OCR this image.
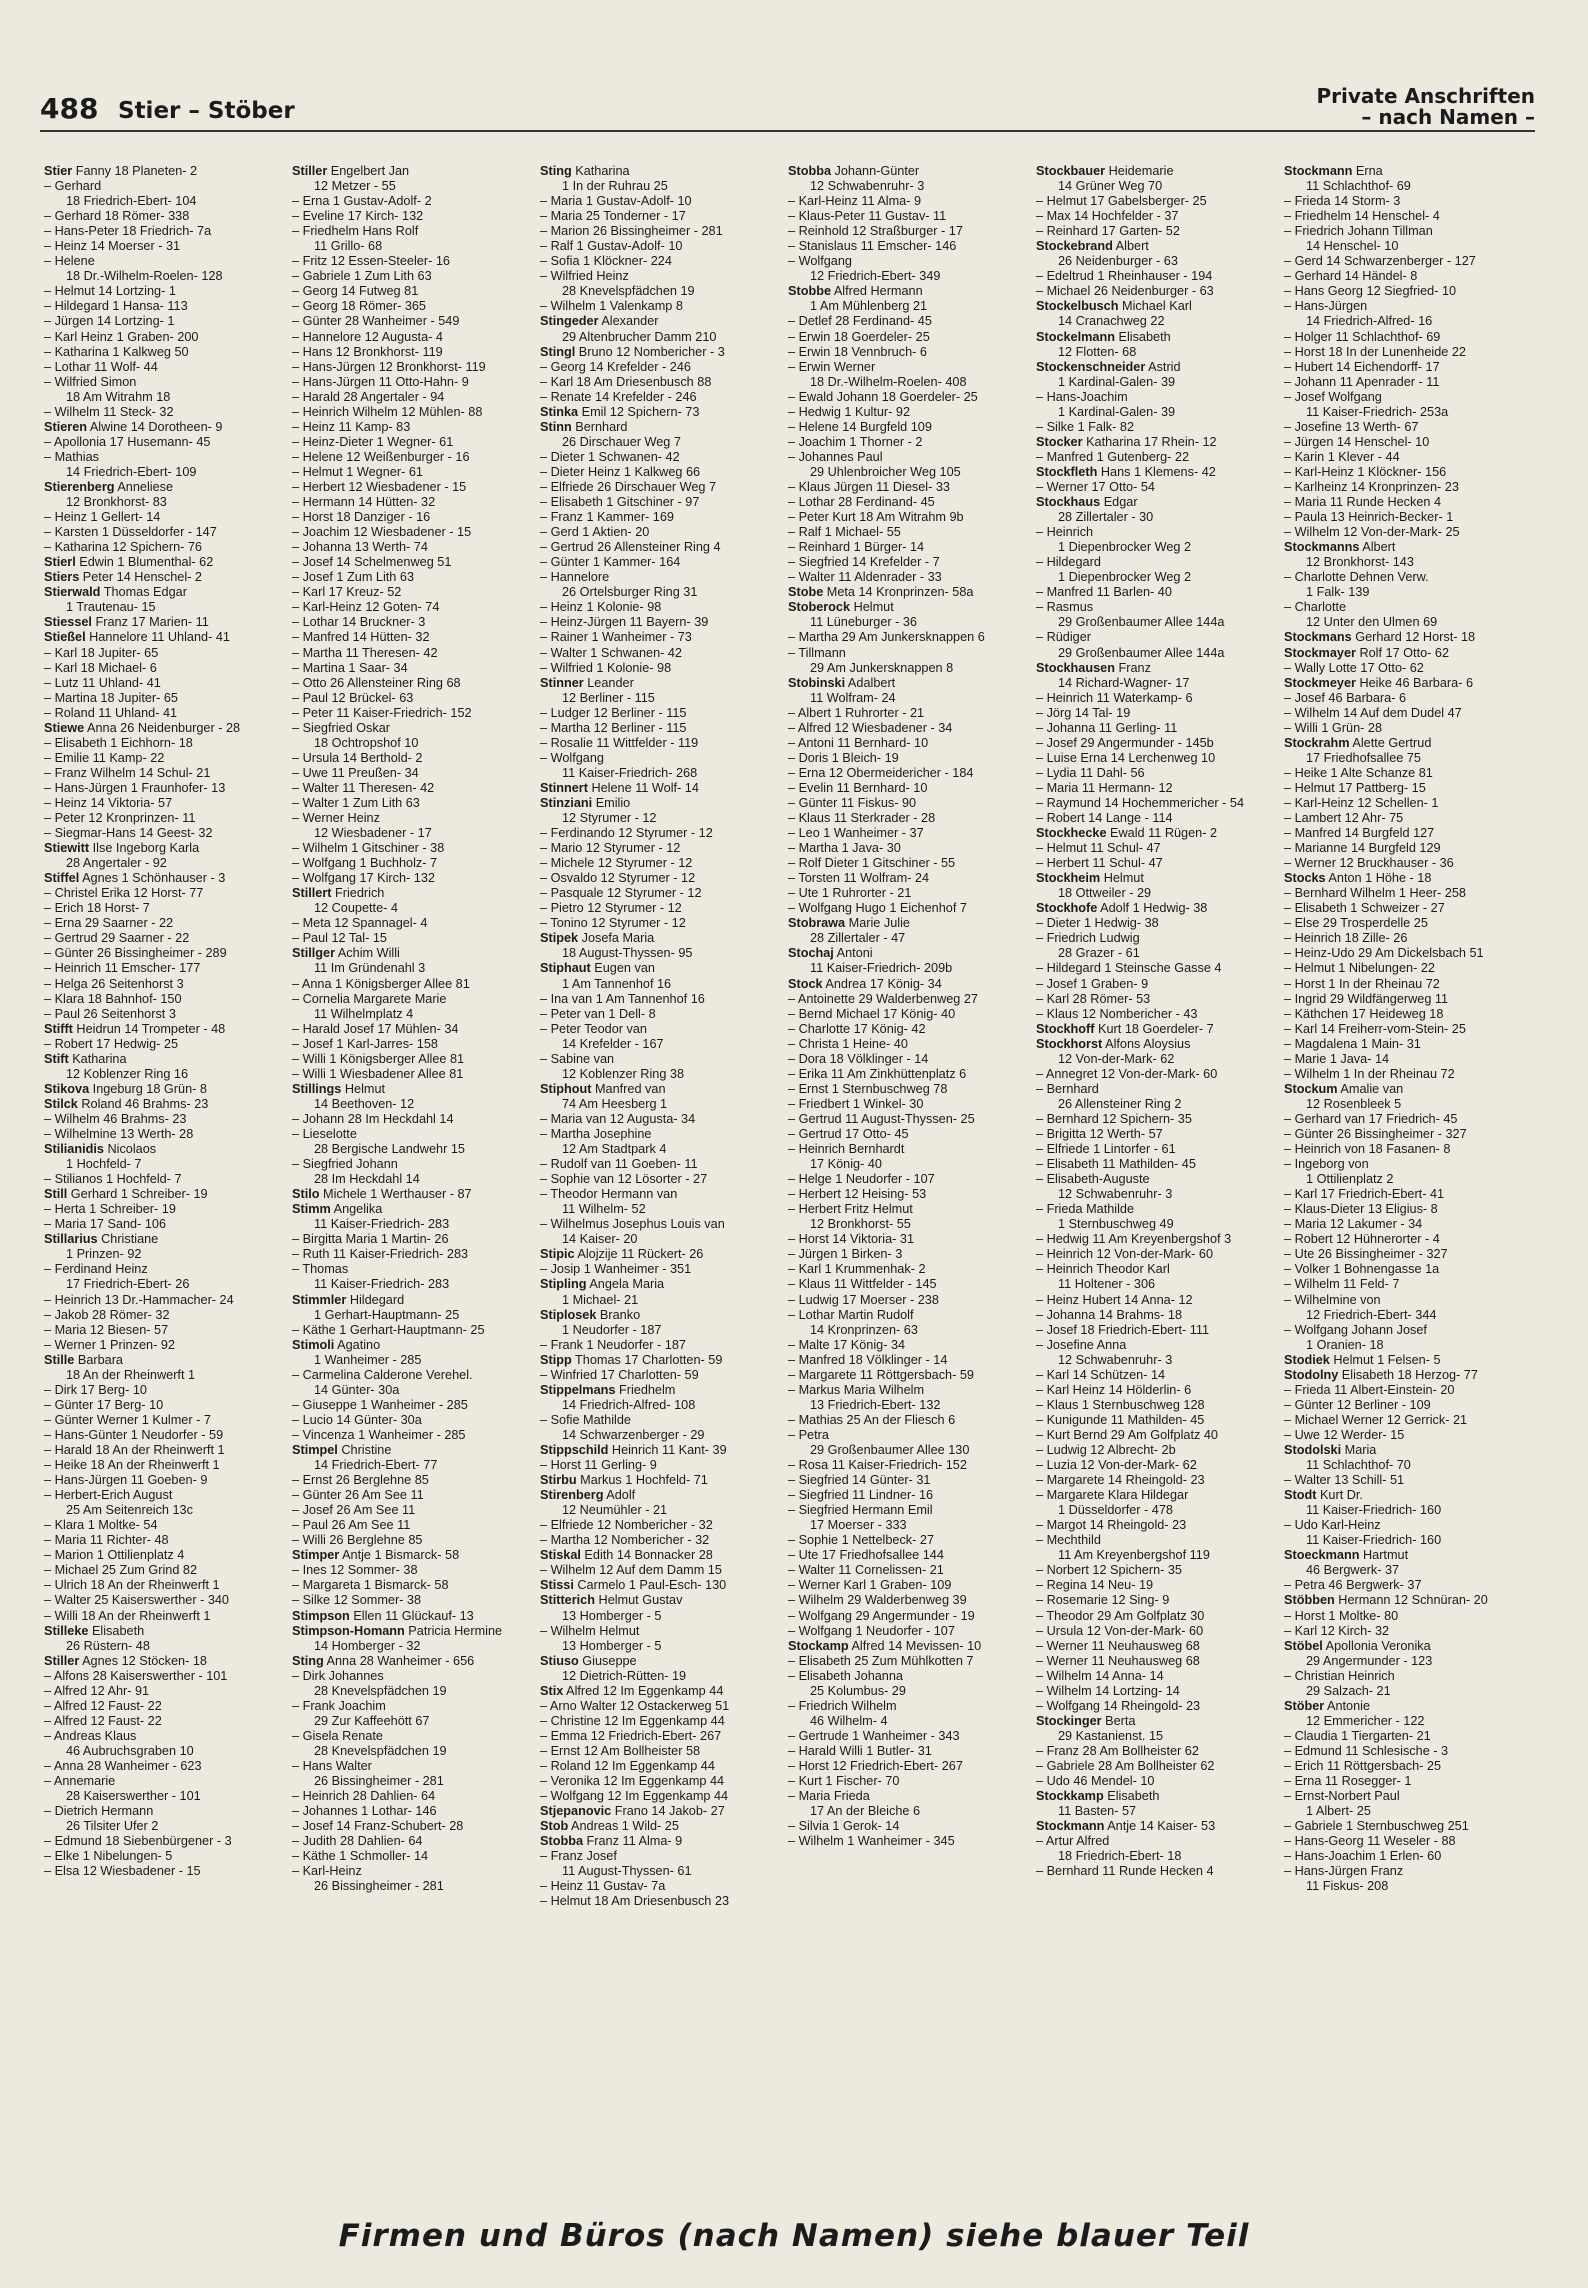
488 Stier – Stöber
Private Anschriften
– nach Namen –
Stier Fanny 18 Planeten- 2
– Gerhard
18 Friedrich-Ebert- 104
– Gerhard 18 Römer- 338
– Hans-Peter 18 Friedrich- 7a
– Heinz 14 Moerser - 31
– Helene
18 Dr.-Wilhelm-Roelen- 128
– Helmut 14 Lortzing- 1
– Hildegard 1 Hansa- 113
– Jürgen 14 Lortzing- 1
– Karl Heinz 1 Graben- 200
– Katharina 1 Kalkweg 50
– Lothar 11 Wolf- 44
– Wilfried Simon
18 Am Witrahm 18
– Wilhelm 11 Steck- 32
Stieren Alwine 14 Dorotheen- 9
– Apollonia 17 Husemann- 45
– Mathias
14 Friedrich-Ebert- 109
Stierenberg Anneliese
12 Bronkhorst- 83
– Heinz 1 Gellert- 14
– Karsten 1 Düsseldorfer - 147
– Katharina 12 Spichern- 76
Stierl Edwin 1 Blumenthal- 62
Stiers Peter 14 Henschel- 2
Stierwald Thomas Edgar
1 Trautenau- 15
Stiessel Franz 17 Marien- 11
Stießel Hannelore 11 Uhland- 41
– Karl 18 Jupiter- 65
– Karl 18 Michael- 6
– Lutz 11 Uhland- 41
– Martina 18 Jupiter- 65
– Roland 11 Uhland- 41
Stiewe Anna 26 Neidenburger - 28
– Elisabeth 1 Eichhorn- 18
– Emilie 11 Kamp- 22
– Franz Wilhelm 14 Schul- 21
– Hans-Jürgen 1 Fraunhofer- 13
– Heinz 14 Viktoria- 57
– Peter 12 Kronprinzen- 11
– Siegmar-Hans 14 Geest- 32
Stiewitt Ilse Ingeborg Karla
28 Angertaler - 92
Stiffel Agnes 1 Schönhauser - 3
– Christel Erika 12 Horst- 77
– Erich 18 Horst- 7
– Erna 29 Saarner - 22
– Gertrud 29 Saarner - 22
– Günter 26 Bissingheimer - 289
– Heinrich 11 Emscher- 177
– Helga 26 Seitenhorst 3
– Klara 18 Bahnhof- 150
– Paul 26 Seitenhorst 3
Stifft Heidrun 14 Trompeter - 48
– Robert 17 Hedwig- 25
Stift Katharina
12 Koblenzer Ring 16
Stikova Ingeburg 18 Grün- 8
Stilck Roland 46 Brahms- 23
– Wilhelm 46 Brahms- 23
– Wilhelmine 13 Werth- 28
Stilianidis Nicolaos
1 Hochfeld- 7
– Stilianos 1 Hochfeld- 7
Still Gerhard 1 Schreiber- 19
– Herta 1 Schreiber- 19
– Maria 17 Sand- 106
Stillarius Christiane
1 Prinzen- 92
– Ferdinand Heinz
17 Friedrich-Ebert- 26
– Heinrich 13 Dr.-Hammacher- 24
– Jakob 28 Römer- 32
– Maria 12 Biesen- 57
– Werner 1 Prinzen- 92
Stille Barbara
18 An der Rheinwerft 1
– Dirk 17 Berg- 10
– Günter 17 Berg- 10
– Günter Werner 1 Kulmer - 7
– Hans-Günter 1 Neudorfer - 59
– Harald 18 An der Rheinwerft 1
– Heike 18 An der Rheinwerft 1
– Hans-Jürgen 11 Goeben- 9
– Herbert-Erich August
25 Am Seitenreich 13c
– Klara 1 Moltke- 54
– Maria 11 Richter- 48
– Marion 1 Ottilienplatz 4
– Michael 25 Zum Grind 82
– Ulrich 18 An der Rheinwerft 1
– Walter 25 Kaiserswerther - 340
– Willi 18 An der Rheinwerft 1
Stilleke Elisabeth
26 Rüstern- 48
Stiller Agnes 12 Stöcken- 18
– Alfons 28 Kaiserswerther - 101
– Alfred 12 Ahr- 91
– Alfred 12 Faust- 22
– Alfred 12 Faust- 22
– Andreas Klaus
46 Aubruchsgraben 10
– Anna 28 Wanheimer - 623
– Annemarie
28 Kaiserswerther - 101
– Dietrich Hermann
26 Tilsiter Ufer 2
– Edmund 18 Siebenbürgener - 3
– Elke 1 Nibelungen- 5
– Elsa 12 Wiesbadener - 15
Stiller Engelbert Jan
12 Metzer - 55
– Erna 1 Gustav-Adolf- 2
– Eveline 17 Kirch- 132
– Friedhelm Hans Rolf
11 Grillo- 68
– Fritz 12 Essen-Steeler- 16
– Gabriele 1 Zum Lith 63
– Georg 14 Futweg 81
– Georg 18 Römer- 365
– Günter 28 Wanheimer - 549
– Hannelore 12 Augusta- 4
– Hans 12 Bronkhorst- 119
– Hans-Jürgen 12 Bronkhorst- 119
– Hans-Jürgen 11 Otto-Hahn- 9
– Harald 28 Angertaler - 94
– Heinrich Wilhelm 12 Mühlen- 88
– Heinz 11 Kamp- 83
– Heinz-Dieter 1 Wegner- 61
– Helene 12 Weißenburger - 16
– Helmut 1 Wegner- 61
– Herbert 12 Wiesbadener - 15
– Hermann 14 Hütten- 32
– Horst 18 Danziger - 16
– Joachim 12 Wiesbadener - 15
– Johanna 13 Werth- 74
– Josef 14 Schelmenweg 51
– Josef 1 Zum Lith 63
– Karl 17 Kreuz- 52
– Karl-Heinz 12 Goten- 74
– Lothar 14 Bruckner- 3
– Manfred 14 Hütten- 32
– Martha 11 Theresen- 42
– Martina 1 Saar- 34
– Otto 26 Allensteiner Ring 68
– Paul 12 Brückel- 63
– Peter 11 Kaiser-Friedrich- 152
– Siegfried Oskar
18 Ochtropshof 10
– Ursula 14 Berthold- 2
– Uwe 11 Preußen- 34
– Walter 11 Theresen- 42
– Walter 1 Zum Lith 63
– Werner Heinz
12 Wiesbadener - 17
– Wilhelm 1 Gitschiner - 38
– Wolfgang 1 Buchholz- 7
– Wolfgang 17 Kirch- 132
Stillert Friedrich
12 Coupette- 4
– Meta 12 Spannagel- 4
– Paul 12 Tal- 15
Stillger Achim Willi
11 Im Gründenahl 3
– Anna 1 Königsberger Allee 81
– Cornelia Margarete Marie
11 Wilhelmplatz 4
– Harald Josef 17 Mühlen- 34
– Josef 1 Karl-Jarres- 158
– Willi 1 Königsberger Allee 81
– Willi 1 Wiesbadener Allee 81
Stillings Helmut
14 Beethoven- 12
– Johann 28 Im Heckdahl 14
– Lieselotte
28 Bergische Landwehr 15
– Siegfried Johann
28 Im Heckdahl 14
Stilo Michele 1 Werthauser - 87
Stimm Angelika
11 Kaiser-Friedrich- 283
– Birgitta Maria 1 Martin- 26
– Ruth 11 Kaiser-Friedrich- 283
– Thomas
11 Kaiser-Friedrich- 283
Stimmler Hildegard
1 Gerhart-Hauptmann- 25
– Käthe 1 Gerhart-Hauptmann- 25
Stimoli Agatino
1 Wanheimer - 285
– Carmelina Calderone Verehel.
14 Günter- 30a
– Giuseppe 1 Wanheimer - 285
– Lucio 14 Günter- 30a
– Vincenza 1 Wanheimer - 285
Stimpel Christine
14 Friedrich-Ebert- 77
– Ernst 26 Berglehne 85
– Günter 26 Am See 11
– Josef 26 Am See 11
– Paul 26 Am See 11
– Willi 26 Berglehne 85
Stimper Antje 1 Bismarck- 58
– Ines 12 Sommer- 38
– Margareta 1 Bismarck- 58
– Silke 12 Sommer- 38
Stimpson Ellen 11 Glückauf- 13
Stimpson-Homann Patricia Hermine
14 Homberger - 32
Sting Anna 28 Wanheimer - 656
– Dirk Johannes
28 Knevelspfädchen 19
– Frank Joachim
29 Zur Kaffeehött 67
– Gisela Renate
28 Knevelspfädchen 19
– Hans Walter
26 Bissingheimer - 281
– Heinrich 28 Dahlien- 64
– Johannes 1 Lothar- 146
– Josef 14 Franz-Schubert- 28
– Judith 28 Dahlien- 64
– Käthe 1 Schmoller- 14
– Karl-Heinz
26 Bissingheimer - 281
Sting Katharina
1 In der Ruhrau 25
– Maria 1 Gustav-Adolf- 10
– Maria 25 Tonderner - 17
– Marion 26 Bissingheimer - 281
– Ralf 1 Gustav-Adolf- 10
– Sofia 1 Klöckner- 224
– Wilfried Heinz
28 Knevelspfädchen 19
– Wilhelm 1 Valenkamp 8
Stingeder Alexander
29 Altenbrucher Damm 210
Stingl Bruno 12 Nombericher - 3
– Georg 14 Krefelder - 246
– Karl 18 Am Driesenbusch 88
– Renate 14 Krefelder - 246
Stinka Emil 12 Spichern- 73
Stinn Bernhard
26 Dirschauer Weg 7
– Dieter 1 Schwanen- 42
– Dieter Heinz 1 Kalkweg 66
– Elfriede 26 Dirschauer Weg 7
– Elisabeth 1 Gitschiner - 97
– Franz 1 Kammer- 169
– Gerd 1 Aktien- 20
– Gertrud 26 Allensteiner Ring 4
– Günter 1 Kammer- 164
– Hannelore
26 Ortelsburger Ring 31
– Heinz 1 Kolonie- 98
– Heinz-Jürgen 11 Bayern- 39
– Rainer 1 Wanheimer - 73
– Walter 1 Schwanen- 42
– Wilfried 1 Kolonie- 98
Stinner Leander
12 Berliner - 115
– Ludger 12 Berliner - 115
– Martha 12 Berliner - 115
– Rosalie 11 Wittfelder - 119
– Wolfgang
11 Kaiser-Friedrich- 268
Stinnert Helene 11 Wolf- 14
Stinziani Emilio
12 Styrumer - 12
– Ferdinando 12 Styrumer - 12
– Mario 12 Styrumer - 12
– Michele 12 Styrumer - 12
– Osvaldo 12 Styrumer - 12
– Pasquale 12 Styrumer - 12
– Pietro 12 Styrumer - 12
– Tonino 12 Styrumer - 12
Stipek Josefa Maria
18 August-Thyssen- 95
Stiphaut Eugen van
1 Am Tannenhof 16
– Ina van 1 Am Tannenhof 16
– Peter van 1 Dell- 8
– Peter Teodor van
14 Krefelder - 167
– Sabine van
12 Koblenzer Ring 38
Stiphout Manfred van
74 Am Heesberg 1
– Maria van 12 Augusta- 34
– Martha Josephine
12 Am Stadtpark 4
– Rudolf van 11 Goeben- 11
– Sophie van 12 Lösorter - 27
– Theodor Hermann van
11 Wilhelm- 52
– Wilhelmus Josephus Louis van
14 Kaiser- 20
Stipic Alojzije 11 Rückert- 26
– Josip 1 Wanheimer - 351
Stipling Angela Maria
1 Michael- 21
Stiplosek Branko
1 Neudorfer - 187
– Frank 1 Neudorfer - 187
Stipp Thomas 17 Charlotten- 59
– Winfried 17 Charlotten- 59
Stippelmans Friedhelm
14 Friedrich-Alfred- 108
– Sofie Mathilde
14 Schwarzenberger - 29
Stippschild Heinrich 11 Kant- 39
– Horst 11 Gerling- 9
Stirbu Markus 1 Hochfeld- 71
Stirenberg Adolf
12 Neumühler - 21
– Elfriede 12 Nombericher - 32
– Martha 12 Nombericher - 32
Stiskal Edith 14 Bonnacker 28
– Wilhelm 12 Auf dem Damm 15
Stissi Carmelo 1 Paul-Esch- 130
Stitterich Helmut Gustav
13 Homberger - 5
– Wilhelm Helmut
13 Homberger - 5
Stiuso Giuseppe
12 Dietrich-Rütten- 19
Stix Alfred 12 Im Eggenkamp 44
– Arno Walter 12 Ostackerweg 51
– Christine 12 Im Eggenkamp 44
– Emma 12 Friedrich-Ebert- 267
– Ernst 12 Am Bollheister 58
– Roland 12 Im Eggenkamp 44
– Veronika 12 Im Eggenkamp 44
– Wolfgang 12 Im Eggenkamp 44
Stjepanovic Frano 14 Jakob- 27
Stob Andreas 1 Wild- 25
Stobba Franz 11 Alma- 9
– Franz Josef
11 August-Thyssen- 61
– Heinz 11 Gustav- 7a
– Helmut 18 Am Driesenbusch 23
Stobba Johann-Günter
12 Schwabenruhr- 3
– Karl-Heinz 11 Alma- 9
– Klaus-Peter 11 Gustav- 11
– Reinhold 12 Straßburger - 17
– Stanislaus 11 Emscher- 146
– Wolfgang
12 Friedrich-Ebert- 349
Stobbe Alfred Hermann
1 Am Mühlenberg 21
– Detlef 28 Ferdinand- 45
– Erwin 18 Goerdeler- 25
– Erwin 18 Vennbruch- 6
– Erwin Werner
18 Dr.-Wilhelm-Roelen- 408
– Ewald Johann 18 Goerdeler- 25
– Hedwig 1 Kultur- 92
– Helene 14 Burgfeld 109
– Joachim 1 Thorner - 2
– Johannes Paul
29 Uhlenbroicher Weg 105
– Klaus Jürgen 11 Diesel- 33
– Lothar 28 Ferdinand- 45
– Peter Kurt 18 Am Witrahm 9b
– Ralf 1 Michael- 55
– Reinhard 1 Bürger- 14
– Siegfried 14 Krefelder - 7
– Walter 11 Aldenrader - 33
Stobe Meta 14 Kronprinzen- 58a
Stoberock Helmut
11 Lüneburger - 36
– Martha 29 Am Junkersknappen 6
– Tillmann
29 Am Junkersknappen 8
Stobinski Adalbert
11 Wolfram- 24
– Albert 1 Ruhrorter - 21
– Alfred 12 Wiesbadener - 34
– Antoni 11 Bernhard- 10
– Doris 1 Bleich- 19
– Erna 12 Obermeidericher - 184
– Evelin 11 Bernhard- 10
– Günter 11 Fiskus- 90
– Klaus 11 Sterkrader - 28
– Leo 1 Wanheimer - 37
– Martha 1 Java- 30
– Rolf Dieter 1 Gitschiner - 55
– Torsten 11 Wolfram- 24
– Ute 1 Ruhrorter - 21
– Wolfgang Hugo 1 Eichenhof 7
Stobrawa Marie Julie
28 Zillertaler - 47
Stochaj Antoni
11 Kaiser-Friedrich- 209b
Stock Andrea 17 König- 34
– Antoinette 29 Walderbenweg 27
– Bernd Michael 17 König- 40
– Charlotte 17 König- 42
– Christa 1 Heine- 40
– Dora 18 Völklinger - 14
– Erika 11 Am Zinkhüttenplatz 6
– Ernst 1 Sternbuschweg 78
– Friedbert 1 Winkel- 30
– Gertrud 11 August-Thyssen- 25
– Gertrud 17 Otto- 45
– Heinrich Bernhardt
17 König- 40
– Helge 1 Neudorfer - 107
– Herbert 12 Heising- 53
– Herbert Fritz Helmut
12 Bronkhorst- 55
– Horst 14 Viktoria- 31
– Jürgen 1 Birken- 3
– Karl 1 Krummenhak- 2
– Klaus 11 Wittfelder - 145
– Ludwig 17 Moerser - 238
– Lothar Martin Rudolf
14 Kronprinzen- 63
– Malte 17 König- 34
– Manfred 18 Völklinger - 14
– Margarete 11 Röttgersbach- 59
– Markus Maria Wilhelm
13 Friedrich-Ebert- 132
– Mathias 25 An der Fliesch 6
– Petra
29 Großenbaumer Allee 130
– Rosa 11 Kaiser-Friedrich- 152
– Siegfried 14 Günter- 31
– Siegfried 11 Lindner- 16
– Siegfried Hermann Emil
17 Moerser - 333
– Sophie 1 Nettelbeck- 27
– Ute 17 Friedhofsallee 144
– Walter 11 Cornelissen- 21
– Werner Karl 1 Graben- 109
– Wilhelm 29 Walderbenweg 39
– Wolfgang 29 Angermunder - 19
– Wolfgang 1 Neudorfer - 107
Stockamp Alfred 14 Mevissen- 10
– Elisabeth 25 Zum Mühlkotten 7
– Elisabeth Johanna
25 Kolumbus- 29
– Friedrich Wilhelm
46 Wilhelm- 4
– Gertrude 1 Wanheimer - 343
– Harald Willi 1 Butler- 31
– Horst 12 Friedrich-Ebert- 267
– Kurt 1 Fischer- 70
– Maria Frieda
17 An der Bleiche 6
– Silvia 1 Gerok- 14
– Wilhelm 1 Wanheimer - 345
Stockbauer Heidemarie
14 Grüner Weg 70
– Helmut 17 Gabelsberger- 25
– Max 14 Hochfelder - 37
– Reinhard 17 Garten- 52
Stockebrand Albert
26 Neidenburger - 63
– Edeltrud 1 Rheinhauser - 194
– Michael 26 Neidenburger - 63
Stockelbusch Michael Karl
14 Cranachweg 22
Stockelmann Elisabeth
12 Flotten- 68
Stockenschneider Astrid
1 Kardinal-Galen- 39
– Hans-Joachim
1 Kardinal-Galen- 39
– Silke 1 Falk- 82
Stocker Katharina 17 Rhein- 12
– Manfred 1 Gutenberg- 22
Stockfleth Hans 1 Klemens- 42
– Werner 17 Otto- 54
Stockhaus Edgar
28 Zillertaler - 30
– Heinrich
1 Diepenbrocker Weg 2
– Hildegard
1 Diepenbrocker Weg 2
– Manfred 11 Barlen- 40
– Rasmus
29 Großenbaumer Allee 144a
– Rüdiger
29 Großenbaumer Allee 144a
Stockhausen Franz
14 Richard-Wagner- 17
– Heinrich 11 Waterkamp- 6
– Jörg 14 Tal- 19
– Johanna 11 Gerling- 11
– Josef 29 Angermunder - 145b
– Luise Erna 14 Lerchenweg 10
– Lydia 11 Dahl- 56
– Maria 11 Hermann- 12
– Raymund 14 Hochemmericher - 54
– Robert 14 Lange - 114
Stockhecke Ewald 11 Rügen- 2
– Helmut 11 Schul- 47
– Herbert 11 Schul- 47
Stockheim Helmut
18 Ottweiler - 29
Stockhofe Adolf 1 Hedwig- 38
– Dieter 1 Hedwig- 38
– Friedrich Ludwig
28 Grazer - 61
– Hildegard 1 Steinsche Gasse 4
– Josef 1 Graben- 9
– Karl 28 Römer- 53
– Klaus 12 Nombericher - 43
Stockhoff Kurt 18 Goerdeler- 7
Stockhorst Alfons Aloysius
12 Von-der-Mark- 62
– Annegret 12 Von-der-Mark- 60
– Bernhard
26 Allensteiner Ring 2
– Bernhard 12 Spichern- 35
– Brigitta 12 Werth- 57
– Elfriede 1 Lintorfer - 61
– Elisabeth 11 Mathilden- 45
– Elisabeth-Auguste
12 Schwabenruhr- 3
– Frieda Mathilde
1 Sternbuschweg 49
– Hedwig 11 Am Kreyenbergshof 3
– Heinrich 12 Von-der-Mark- 60
– Heinrich Theodor Karl
11 Holtener - 306
– Heinz Hubert 14 Anna- 12
– Johanna 14 Brahms- 18
– Josef 18 Friedrich-Ebert- 111
– Josefine Anna
12 Schwabenruhr- 3
– Karl 14 Schützen- 14
– Karl Heinz 14 Hölderlin- 6
– Klaus 1 Sternbuschweg 128
– Kunigunde 11 Mathilden- 45
– Kurt Bernd 29 Am Golfplatz 40
– Ludwig 12 Albrecht- 2b
– Luzia 12 Von-der-Mark- 62
– Margarete 14 Rheingold- 23
– Margarete Klara Hildegar
1 Düsseldorfer - 478
– Margot 14 Rheingold- 23
– Mechthild
11 Am Kreyenbergshof 119
– Norbert 12 Spichern- 35
– Regina 14 Neu- 19
– Rosemarie 12 Sing- 9
– Theodor 29 Am Golfplatz 30
– Ursula 12 Von-der-Mark- 60
– Werner 11 Neuhausweg 68
– Werner 11 Neuhausweg 68
– Wilhelm 14 Anna- 14
– Wilhelm 14 Lortzing- 14
– Wolfgang 14 Rheingold- 23
Stockinger Berta
29 Kastanienst. 15
– Franz 28 Am Bollheister 62
– Gabriele 28 Am Bollheister 62
– Udo 46 Mendel- 10
Stockkamp Elisabeth
11 Basten- 57
Stockmann Antje 14 Kaiser- 53
– Artur Alfred
18 Friedrich-Ebert- 18
– Bernhard 11 Runde Hecken 4
Stockmann Erna
11 Schlachthof- 69
– Frieda 14 Storm- 3
– Friedhelm 14 Henschel- 4
– Friedrich Johann Tillman
14 Henschel- 10
– Gerd 14 Schwarzenberger - 127
– Gerhard 14 Händel- 8
– Hans Georg 12 Siegfried- 10
– Hans-Jürgen
14 Friedrich-Alfred- 16
– Holger 11 Schlachthof- 69
– Horst 18 In der Lunenheide 22
– Hubert 14 Eichendorff- 17
– Johann 11 Apenrader - 11
– Josef Wolfgang
11 Kaiser-Friedrich- 253a
– Josefine 13 Werth- 67
– Jürgen 14 Henschel- 10
– Karin 1 Klever - 44
– Karl-Heinz 1 Klöckner- 156
– Karlheinz 14 Kronprinzen- 23
– Maria 11 Runde Hecken 4
– Paula 13 Heinrich-Becker- 1
– Wilhelm 12 Von-der-Mark- 25
Stockmanns Albert
12 Bronkhorst- 143
– Charlotte Dehnen Verw.
1 Falk- 139
– Charlotte
12 Unter den Ulmen 69
Stockmans Gerhard 12 Horst- 18
Stockmayer Rolf 17 Otto- 62
– Wally Lotte 17 Otto- 62
Stockmeyer Heike 46 Barbara- 6
– Josef 46 Barbara- 6
– Wilhelm 14 Auf dem Dudel 47
– Willi 1 Grün- 28
Stockrahm Alette Gertrud
17 Friedhofsallee 75
– Heike 1 Alte Schanze 81
– Helmut 17 Pattberg- 15
– Karl-Heinz 12 Schellen- 1
– Lambert 12 Ahr- 75
– Manfred 14 Burgfeld 127
– Marianne 14 Burgfeld 129
– Werner 12 Bruckhauser - 36
Stocks Anton 1 Höhe - 18
– Bernhard Wilhelm 1 Heer- 258
– Elisabeth 1 Schweizer - 27
– Else 29 Trosperdelle 25
– Heinrich 18 Zille- 26
– Heinz-Udo 29 Am Dickelsbach 51
– Helmut 1 Nibelungen- 22
– Horst 1 In der Rheinau 72
– Ingrid 29 Wildfängerweg 11
– Käthchen 17 Heideweg 18
– Karl 14 Freiherr-vom-Stein- 25
– Magdalena 1 Main- 31
– Marie 1 Java- 14
– Wilhelm 1 In der Rheinau 72
Stockum Amalie van
12 Rosenbleek 5
– Gerhard van 17 Friedrich- 45
– Günter 26 Bissingheimer - 327
– Heinrich von 18 Fasanen- 8
– Ingeborg von
1 Ottilienplatz 2
– Karl 17 Friedrich-Ebert- 41
– Klaus-Dieter 13 Eligius- 8
– Maria 12 Lakumer - 34
– Robert 12 Hühnerorter - 4
– Ute 26 Bissingheimer - 327
– Volker 1 Bohnengasse 1a
– Wilhelm 11 Feld- 7
– Wilhelmine von
12 Friedrich-Ebert- 344
– Wolfgang Johann Josef
1 Oranien- 18
Stodiek Helmut 1 Felsen- 5
Stodolny Elisabeth 18 Herzog- 77
– Frieda 11 Albert-Einstein- 20
– Günter 12 Berliner - 109
– Michael Werner 12 Gerrick- 21
– Uwe 12 Werder- 15
Stodolski Maria
11 Schlachthof- 70
– Walter 13 Schill- 51
Stodt Kurt Dr.
11 Kaiser-Friedrich- 160
– Udo Karl-Heinz
11 Kaiser-Friedrich- 160
Stoeckmann Hartmut
46 Bergwerk- 37
– Petra 46 Bergwerk- 37
Stöbben Hermann 12 Schnüran- 20
– Horst 1 Moltke- 80
– Karl 12 Kirch- 32
Stöbel Apollonia Veronika
29 Angermunder - 123
– Christian Heinrich
29 Salzach- 21
Stöber Antonie
12 Emmericher - 122
– Claudia 1 Tiergarten- 21
– Edmund 11 Schlesische - 3
– Erich 11 Röttgersbach- 25
– Erna 11 Rosegger- 1
– Ernst-Norbert Paul
1 Albert- 25
– Gabriele 1 Sternbuschweg 251
– Hans-Georg 11 Weseler - 88
– Hans-Joachim 1 Erlen- 60
– Hans-Jürgen Franz
11 Fiskus- 208
Firmen und Büros (nach Namen) siehe blauer Teil
